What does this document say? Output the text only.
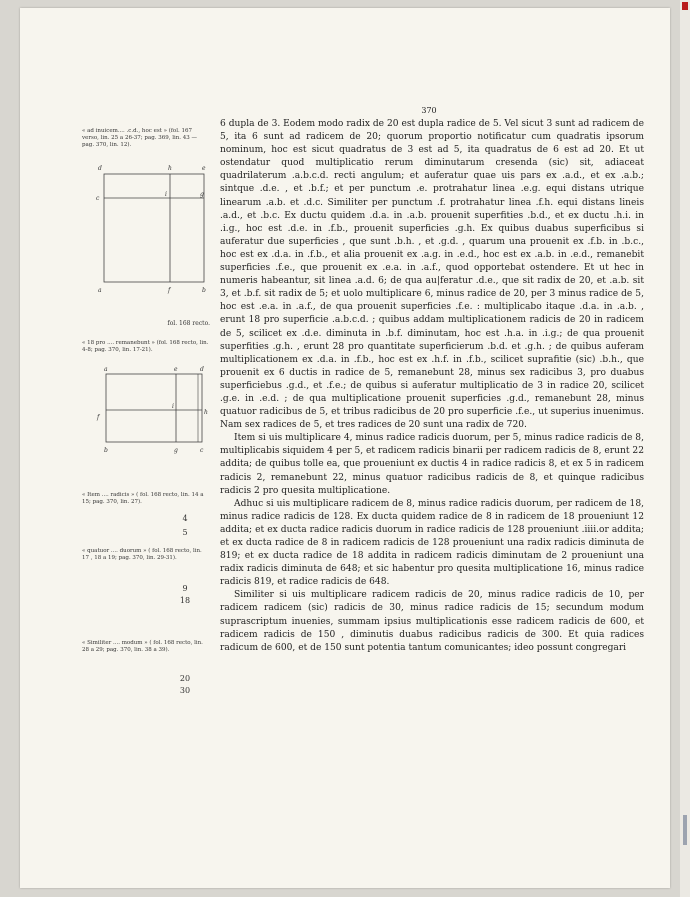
370

« ad inuicem.... .c.d., hoc est » (fol. 167 verso, lin. 25 a 26-37; pag. 369, lin. 43 — pag. 370, lin. 12).

d	h	e
c
i	g
a	f	b
fol. 168 recto.

« 18 pro .... remanebunt » (fol. 168 recto, lin. 4-8; pag. 370, lin. 17-21).

a	e	d
f
i
h
b	g	c

« Item .... radicis » ( fol. 168 recto, lin. 14 a 15; pag. 370, lin. 27).

4
5

« quatuor .... duorum » ( fol. 168 recto, lin. 17 , 18 a 19; pag. 370, lin. 29-31).

9
18

« Similiter .... modum » ( fol. 168 recto, lin. 28 a 29; pag. 370, lin. 38 a 39).

20
30

6 dupla de 3. Eodem modo radix de 20 est dupla radice de 5. Vel sicut 3 sunt ad radicem de 5, ita 6 sunt ad radicem de 20; quorum proportio notificatur cum quadratis ipsorum nominum, hoc est sicut quadratus de 3 est ad 5, ita quadratus de 6 est ad 20. Et ut ostendatur quod multiplicatio rerum diminutarum cresenda (sic) sit, adiaceat quadrilaterum .a.b.c.d. recti angulum; et auferatur quae uis pars ex .a.d., et ex .a.b.; sintque .d.e. , et .b.f.; et per punctum .e. protrahatur linea .e.g. equi distans utrique linearum .a.b. et .d.c. Similiter per punctum .f. protrahatur linea .f.h. equi distans lineis .a.d., et .b.c. Ex ductu quidem .d.a. in .a.b. prouenit superfities .b.d., et ex ductu .h.i. in .i.g., hoc est .d.e. in .f.b., prouenit superficies .g.h. Ex quibus duabus superficibus si auferatur due superficies , que sunt .b.h. , et .g.d. , quarum una prouenit ex .f.b. in .b.c., hoc est ex .d.a. in .f.b., et alia prouenit ex .a.g. in .e.d., hoc est ex .a.b. in .e.d., remanebit superficies .f.e., que prouenit ex .e.a. in .a.f., quod opportebat ostendere. Et ut hec in numeris habeantur, sit linea .a.d. 6; de qua au|feratur .d.e., que sit radix de 20, et .a.b. sit 3, et .b.f. sit radix de 5; et uolo multiplicare 6, minus radice de 20, per 3 minus radice de 5, hoc est .e.a. in .a.f., de qua prouenit superficies .f.e. : multiplicabo itaque .d.a. in .a.b. , erunt 18 pro superficie .a.b.c.d. ; quibus addam multiplicationem radicis de 20 in radicem de 5, scilicet ex .d.e. diminuta in .b.f. diminutam, hoc est .h.a. in .i.g.; de qua prouenit superfities .g.h. , erunt 28 pro quantitate superficierum .b.d. et .g.h. ; de quibus auferam multiplicationem ex .d.a. in .f.b., hoc est ex .h.f. in .f.b., scilicet suprafitie (sic) .b.h., que prouenit ex 6 ductis in radice de 5, remanebunt 28, minus sex radicibus 3, pro duabus superficiebus .g.d., et .f.e.; de quibus si auferatur multiplicatio de 3 in radice 20, scilicet .g.e. in .e.d. ; de qua multiplicatione prouenit superficies .g.d., remanebunt 28, minus quatuor radicibus de 5, et tribus radicibus de 20 pro superficie .f.e., ut superius inuenimus. Nam sex radices de 5, et tres radices de 20 sunt una radix de 720.

Item si uis multiplicare 4, minus radice radicis duorum, per 5, minus radice radicis de 8, multiplicabis siquidem 4 per 5, et radicem radicis binarii per radicem radicis de 8, erunt 22 addita; de quibus tolle ea, que proueniunt ex ductis 4 in radice radicis 8, et ex 5 in radicem radicis 2, remanebunt 22, minus quatuor radicibus radicis de 8, et quinque radicibus radicis 2 pro quesita multiplicatione.

Adhuc si uis multiplicare radicem de 8, minus radice radicis duorum, per radicem de 18, minus radice radicis de 128. Ex ducta quidem radice de 8 in radicem de 18 proueniunt 12 addita; et ex ducta radice radicis duorum in radice radicis de 128 proueniunt .iiii.or addita; et ex ducta radice de 8 in radicem radicis de 128 proueniunt una radix radicis diminuta de 819; et ex ducta radice de 18 addita in radicem radicis diminutam de 2 proueniunt una radix radicis diminuta de 648; et sic habentur pro quesita multiplicatione 16, minus radice radicis 819, et radice radicis de 648.

Similiter si uis multiplicare radicem radicis de 20, minus radice radicis de 10, per radicem radicem (sic) radicis de 30, minus radice radicis de 15; secundum modum suprascriptum inuenies, summam ipsius multiplicationis esse radicem radicis de 600, et radicem radicis de 150 , diminutis duabus radicibus radicis de 300. Et quia radices radicum de 600, et de 150 sunt potentia tantum comunicantes; ideo possunt congregari
